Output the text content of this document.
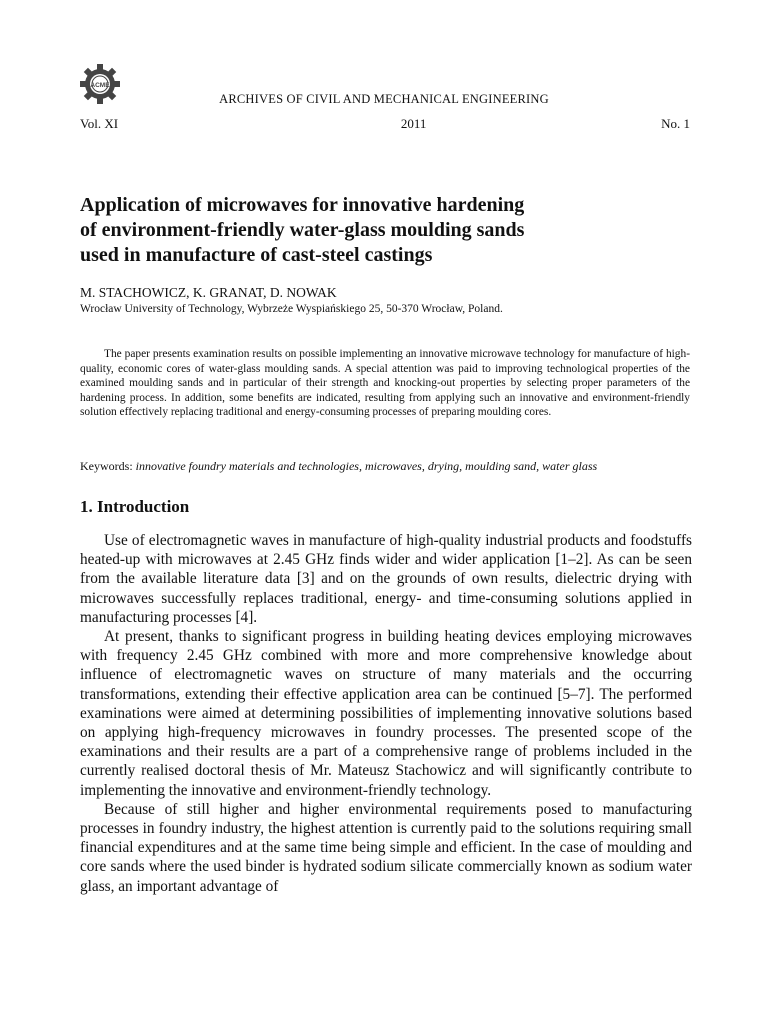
ACME
ARCHIVES OF CIVIL AND MECHANICAL ENGINEERING
Vol. XI	2011	No. 1
Application of microwaves for innovative hardening
of environment-friendly water-glass moulding sands
used in manufacture of cast-steel castings
M. STACHOWICZ, K. GRANAT, D. NOWAK
Wrocław University of Technology, Wybrzeże Wyspiańskiego 25, 50-370 Wrocław, Poland.

The paper presents examination results on possible implementing an innovative microwave technology for manufacture of high-quality, economic cores of water-glass moulding sands. A special attention was paid to improving technological properties of the examined moulding sands and in particular of their strength and knocking-out properties by selecting proper parameters of the hardening process. In addition, some benefits are indicated, resulting from applying such an innovative and environment-friendly solution effectively replacing traditional and energy-consuming processes of preparing moulding cores.

Keywords: innovative foundry materials and technologies, microwaves, drying, moulding sand, water glass

1. Introduction

Use of electromagnetic waves in manufacture of high-quality industrial products and foodstuffs heated-up with microwaves at 2.45 GHz finds wider and wider application [1–2]. As can be seen from the available literature data [3] and on the grounds of own results, dielectric drying with microwaves successfully replaces traditional, energy- and time-consuming solutions applied in manufacturing processes [4].

At present, thanks to significant progress in building heating devices employing microwaves with frequency 2.45 GHz combined with more and more comprehensive knowledge about influence of electromagnetic waves on structure of many materials and the occurring transformations, extending their effective application area can be continued [5–7]. The performed examinations were aimed at determining possibilities of implementing innovative solutions based on applying high-frequency microwaves in foundry processes. The presented scope of the examinations and their results are a part of a comprehensive range of problems included in the currently realised doctoral thesis of Mr. Mateusz Stachowicz and will significantly contribute to implementing the innovative and environment-friendly technology.

Because of still higher and higher environmental requirements posed to manufacturing processes in foundry industry, the highest attention is currently paid to the solutions requiring small financial expenditures and at the same time being simple and efficient. In the case of moulding and core sands where the used binder is hydrated sodium silicate commercially known as sodium water glass, an important advantage of
